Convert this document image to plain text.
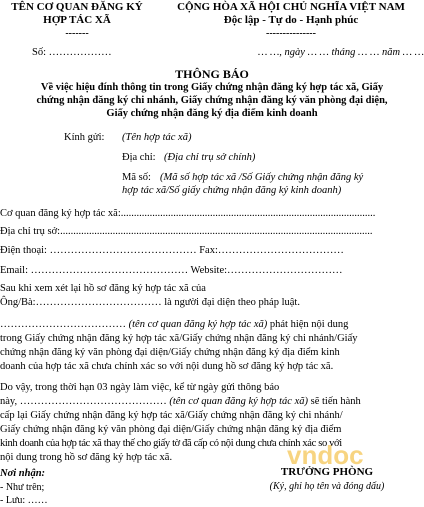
TÊN CƠ QUAN ĐĂNG KÝ
HỢP TÁC XÃ
-------
CỘNG HÒA XÃ HỘI CHỦ NGHĨA VIỆT NAM
Độc lập - Tự do - Hạnh phúc
---------------
Số: ………………	… …, ngày … … tháng … … năm … …
THÔNG BÁO
Về việc hiệu đính thông tin trong Giấy chứng nhận đăng ký hợp tác xã, Giấy
chứng nhận đăng ký chi nhánh, Giấy chứng nhận đăng ký văn phòng đại diện,
Giấy chứng nhận đăng ký địa điểm kinh doanh
Kính gửi: (Tên hợp tác xã)
Địa chỉ: (Địa chỉ trụ sở chính)
Mã số: (Mã số hợp tác xã /Số Giấy chứng nhận đăng ký
hợp tác xã/Số giấy chứng nhận đăng ký kinh doanh)
Cơ quan đăng ký hợp tác xã:.................................................................................................
Địa chỉ trụ sở:.......................................................................................................................
Điện thoại: …………………………………… Fax:………………………………
Email: ……………………………………… Website:……………………………
Sau khi xem xét lại hồ sơ đăng ký hợp tác xã của
Ông/Bà:……………………………… là người đại diện theo pháp luật.
……………………………… (tên cơ quan đăng ký hợp tác xã) phát hiện nội dung
trong Giấy chứng nhận đăng ký hợp tác xã/Giấy chứng nhận đăng ký chi nhánh/Giấy
chứng nhận đăng ký văn phòng đại diện/Giấy chứng nhận đăng ký địa điểm kinh
doanh của hợp tác xã chưa chính xác so với nội dung hồ sơ đăng ký hợp tác xã.
Do vậy, trong thời hạn 03 ngày làm việc, kể từ ngày gửi thông báo
này, …………………………………… (tên cơ quan đăng ký hợp tác xã) sẽ tiến hành
cấp lại Giấy chứng nhận đăng ký hợp tác xã/Giấy chứng nhận đăng ký chi nhánh/
Giấy chứng nhận đăng ký văn phòng đại diện/Giấy chứng nhận đăng ký địa điểm
kinh doanh của hợp tác xã thay thế cho giấy tờ đã cấp có nội dung chưa chính xác so với
nội dung trong hồ sơ đăng ký hợp tác xã.	vndoc
Nơi nhận:
- Như trên;
- Lưu: ……
TRƯỞNG PHÒNG
(Ký, ghi họ tên và đóng dấu)
